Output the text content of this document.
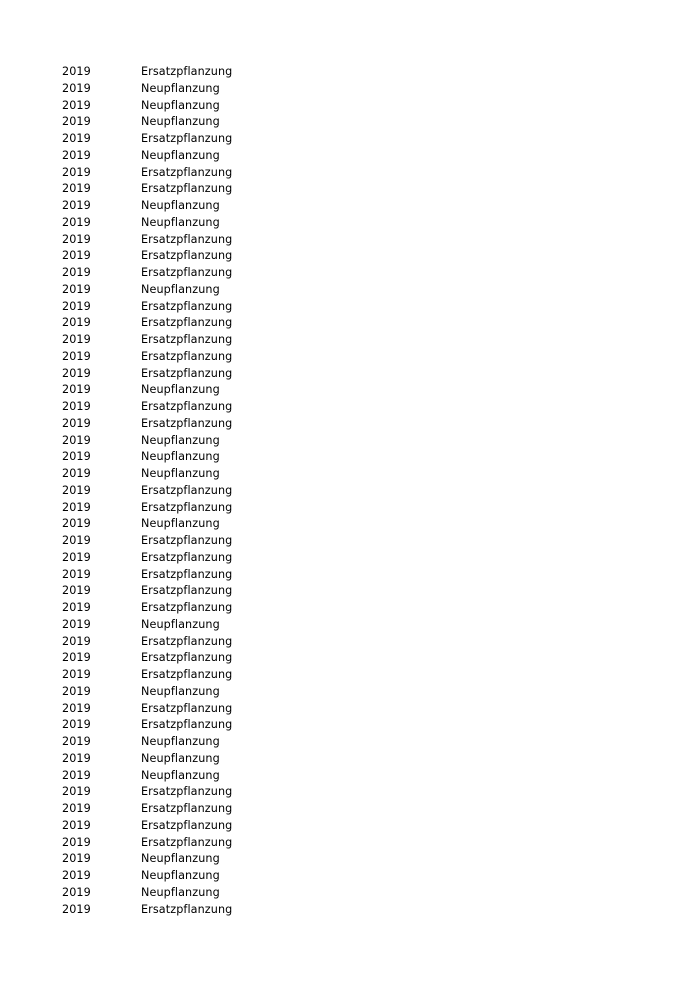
2019	Ersatzpflanzung
2019	Neupflanzung
2019	Neupflanzung
2019	Neupflanzung
2019	Ersatzpflanzung
2019	Neupflanzung
2019	Ersatzpflanzung
2019	Ersatzpflanzung
2019	Neupflanzung
2019	Neupflanzung
2019	Ersatzpflanzung
2019	Ersatzpflanzung
2019	Ersatzpflanzung
2019	Neupflanzung
2019	Ersatzpflanzung
2019	Ersatzpflanzung
2019	Ersatzpflanzung
2019	Ersatzpflanzung
2019	Ersatzpflanzung
2019	Neupflanzung
2019	Ersatzpflanzung
2019	Ersatzpflanzung
2019	Neupflanzung
2019	Neupflanzung
2019	Neupflanzung
2019	Ersatzpflanzung
2019	Ersatzpflanzung
2019	Neupflanzung
2019	Ersatzpflanzung
2019	Ersatzpflanzung
2019	Ersatzpflanzung
2019	Ersatzpflanzung
2019	Ersatzpflanzung
2019	Neupflanzung
2019	Ersatzpflanzung
2019	Ersatzpflanzung
2019	Ersatzpflanzung
2019	Neupflanzung
2019	Ersatzpflanzung
2019	Ersatzpflanzung
2019	Neupflanzung
2019	Neupflanzung
2019	Neupflanzung
2019	Ersatzpflanzung
2019	Ersatzpflanzung
2019	Ersatzpflanzung
2019	Ersatzpflanzung
2019	Neupflanzung
2019	Neupflanzung
2019	Neupflanzung
2019	Ersatzpflanzung
